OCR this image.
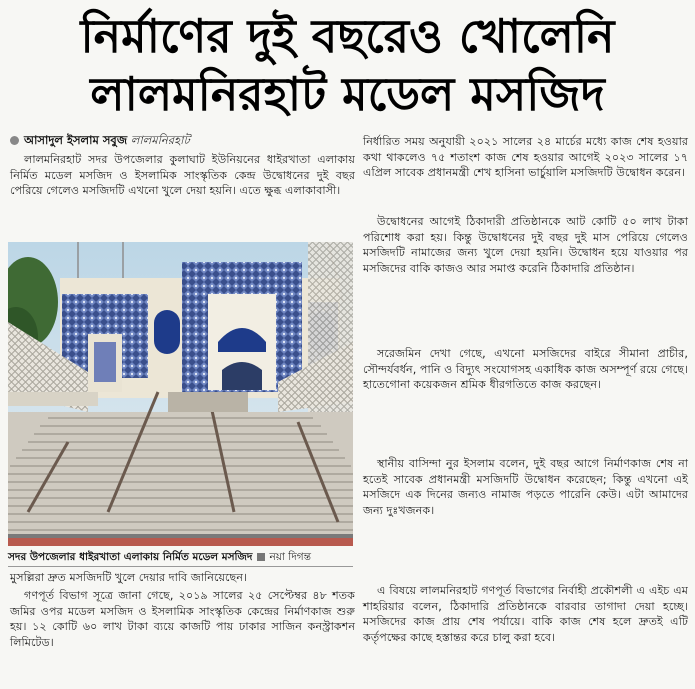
নির্মাণের দুই বছরেও খোলেনি
লালমনিরহাট মডেল মসজিদ
আসাদুল ইসলাম সবুজ লালমনিরহাট
লালমনিরহাট সদর উপজেলার কুলাঘাট ইউনিয়নের ধাইরখাতা এলাকায় নির্মিত মডেল মসজিদ ও ইসলামিক সাংস্কৃতিক কেন্দ্র উদ্বোধনের দুই বছর পেরিয়ে গেলেও মসজিদটি এখনো খুলে দেয়া হয়নি। এতে ক্ষুব্ধ এলাকাবাসী।
সদর উপজেলার ধাইরখাতা এলাকায় নির্মিত মডেল মসজিদ নয়া দিগন্ত
মুসল্লিরা দ্রুত মসজিদটি খুলে দেয়ার দাবি জানিয়েছেন।
গণপূর্ত বিভাগ সূত্রে জানা গেছে, ২০১৯ সালের ২৫ সেপ্টেম্বর ৪৮ শতক জমির ওপর মডেল মসজিদ ও ইসলামিক সাংস্কৃতিক কেন্দ্রের নির্মাণকাজ শুরু হয়। ১২ কোটি ৬০ লাখ টাকা ব্যয়ে কাজটি পায় ঢাকার সাজিন কনস্ট্রাকশন লিমিটেড।
নির্ধারিত সময় অনুযায়ী ২০২১ সালের ২৪ মার্চের মধ্যে কাজ শেষ হওয়ার কথা থাকলেও ৭৫ শতাংশ কাজ শেষ হওয়ার আগেই ২০২৩ সালের ১৭ এপ্রিল সাবেক প্রধানমন্ত্রী শেখ হাসিনা ভার্চুয়ালি মসজিদটি উদ্বোধন করেন।
উদ্বোধনের আগেই ঠিকাদারী প্রতিষ্ঠানকে আট কোটি ৫০ লাখ টাকা পরিশোধ করা হয়। কিন্তু উদ্বোধনের দুই বছর দুই মাস পেরিয়ে গেলেও মসজিদটি নামাজের জন্য খুলে দেয়া হয়নি। উদ্বোধন হয়ে যাওয়ার পর মসজিদের বাকি কাজও আর সমাপ্ত করেনি ঠিকাদারি প্রতিষ্ঠান।
সরেজমিন দেখা গেছে, এখনো মসজিদের বাইরে সীমানা প্রাচীর, সৌন্দর্যবর্ধন, পানি ও বিদ্যুৎ সংযোগসহ একাধিক কাজ অসম্পূর্ণ রয়ে গেছে। হাতেগোনা কয়েকজন শ্রমিক ধীরগতিতে কাজ করছেন।
স্থানীয় বাসিন্দা নুর ইসলাম বলেন, দুই বছর আগে নির্মাণকাজ শেষ না হতেই সাবেক প্রধানমন্ত্রী মসজিদটি উদ্বোধন করেছেন; কিন্তু এখনো এই মসজিদে এক দিনের জন্যও নামাজ পড়তে পারেনি কেউ। এটা আমাদের জন্য দুঃখজনক।
এ বিষয়ে লালমনিরহাট গণপূর্ত বিভাগের নির্বাহী প্রকৌশলী এ এইচ এম শাহরিয়ার বলেন, ঠিকাদারি প্রতিষ্ঠানকে বারবার তাগাদা দেয়া হচ্ছে। মসজিদের কাজ প্রায় শেষ পর্যায়ে। বাকি কাজ শেষ হলে দ্রুতই এটি কর্তৃপক্ষের কাছে হস্তান্তর করে চালু করা হবে।
